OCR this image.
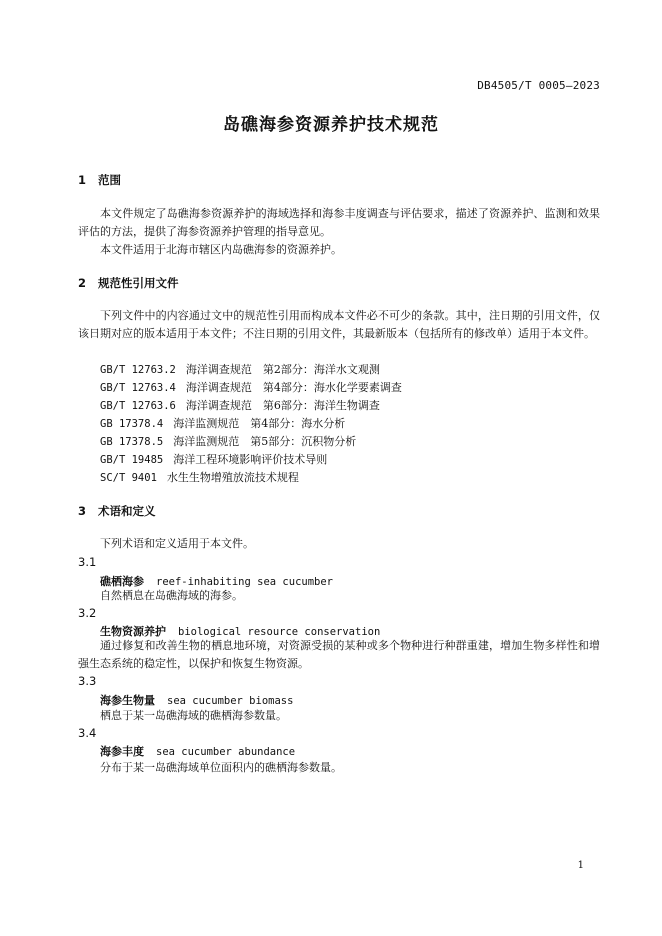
DB4505/T 0005—2023
岛礁海参资源养护技术规范
1 范围
本文件规定了岛礁海参资源养护的海域选择和海参丰度调查与评估要求，描述了资源养护、监测和效果评估的方法，提供了海参资源养护管理的指导意见。
本文件适用于北海市辖区内岛礁海参的资源养护。
2 规范性引用文件
下列文件中的内容通过文中的规范性引用而构成本文件必不可少的条款。其中，注日期的引用文件，仅该日期对应的版本适用于本文件；不注日期的引用文件，其最新版本（包括所有的修改单）适用于本文件。
GB/T 12763.2 海洋调查规范　第2部分：海洋水文观测
GB/T 12763.4 海洋调查规范　第4部分：海水化学要素调查
GB/T 12763.6 海洋调查规范　第6部分：海洋生物调查
GB 17378.4 海洋监测规范　第4部分：海水分析
GB 17378.5 海洋监测规范　第5部分：沉积物分析
GB/T 19485 海洋工程环境影响评价技术导则
SC/T 9401 水生生物增殖放流技术规程
3 术语和定义
下列术语和定义适用于本文件。
3.1
礁栖海参 reef-inhabiting sea cucumber
自然栖息在岛礁海域的海参。
3.2
生物资源养护 biological resource conservation
通过修复和改善生物的栖息地环境，对资源受损的某种或多个物种进行种群重建，增加生物多样性和增强生态系统的稳定性，以保护和恢复生物资源。
3.3
海参生物量 sea cucumber biomass
栖息于某一岛礁海域的礁栖海参数量。
3.4
海参丰度 sea cucumber abundance
分布于某一岛礁海域单位面积内的礁栖海参数量。
1
